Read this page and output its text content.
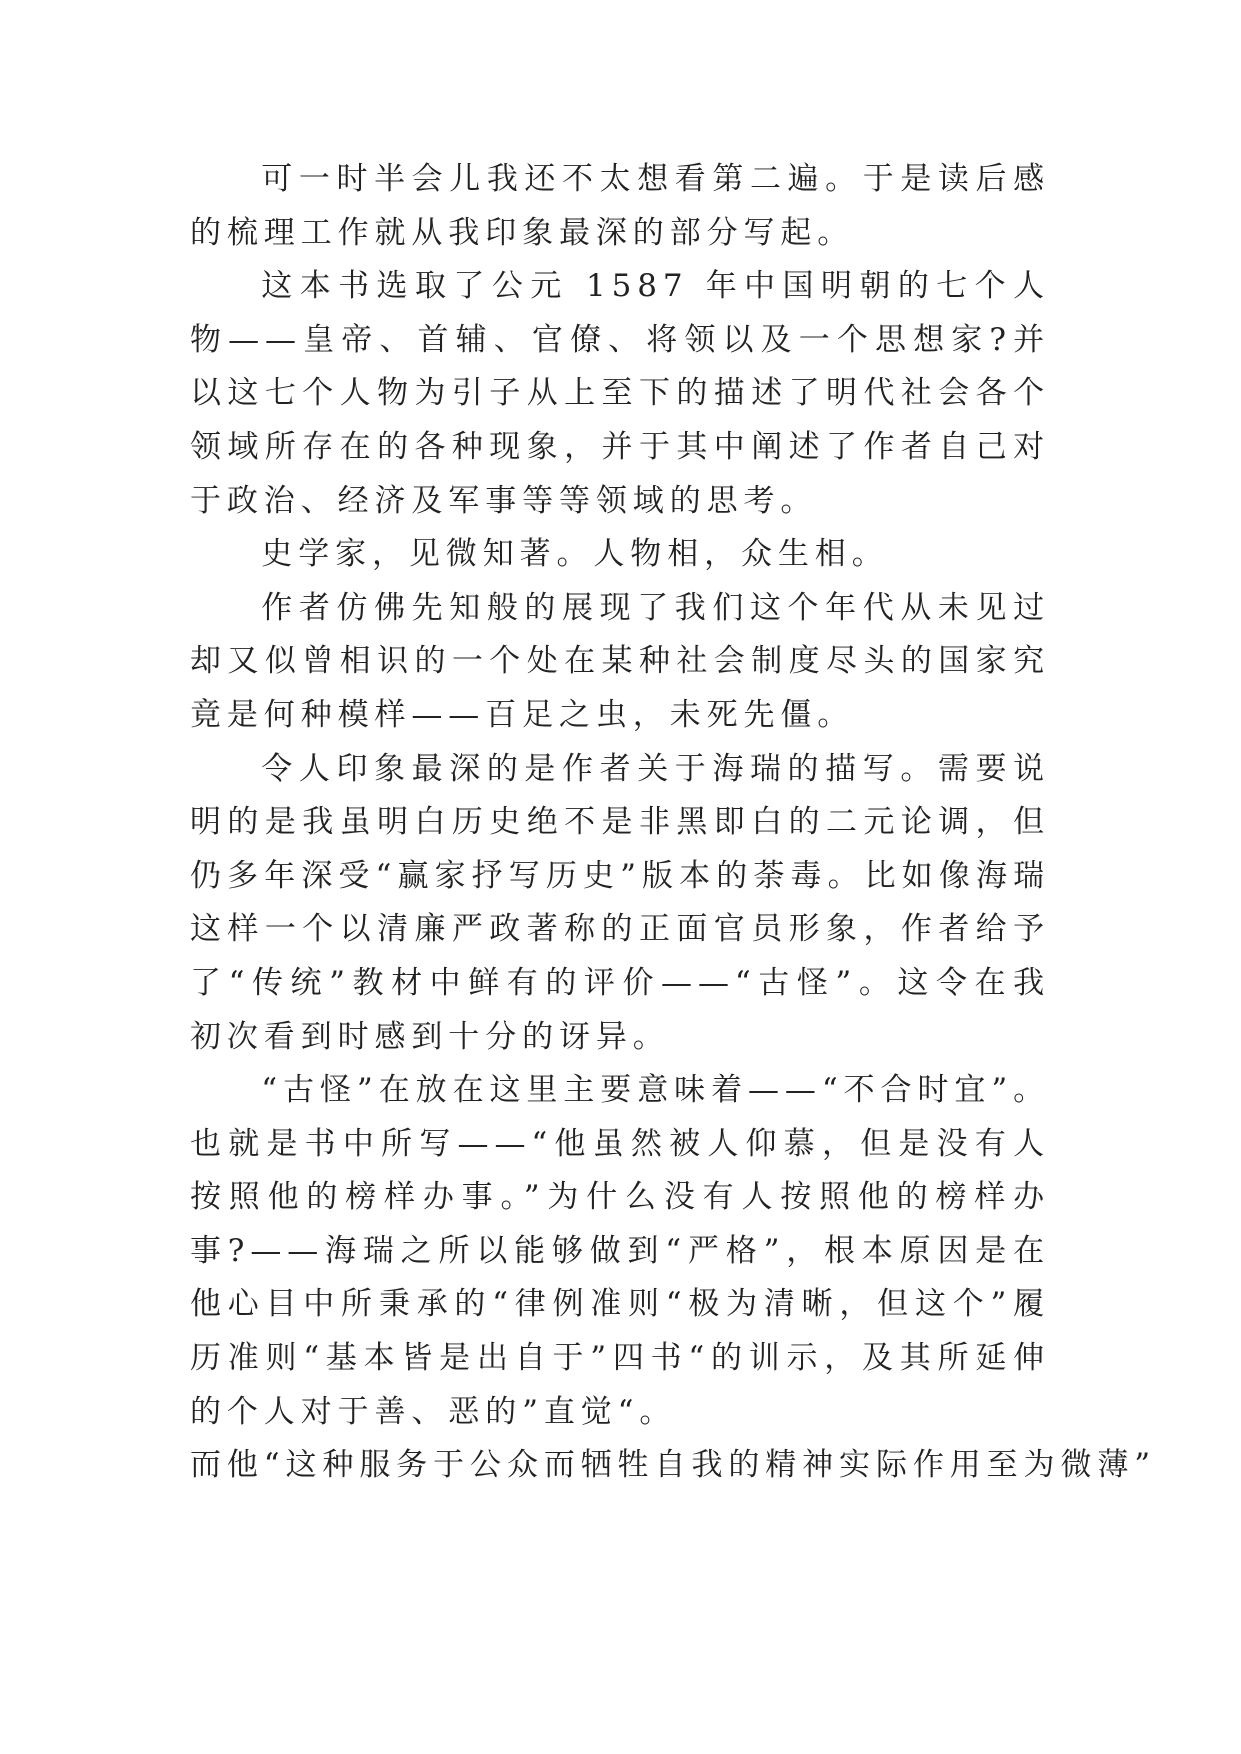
可一时半会儿我还不太想看第二遍。于是读后感的梳理工作就从我印象最深的部分写起。

这本书选取了公元 1587 年中国明朝的七个人物——皇帝、首辅、官僚、将领以及一个思想家?并以这七个人物为引子从上至下的描述了明代社会各个领域所存在的各种现象，并于其中阐述了作者自己对于政治、经济及军事等等领域的思考。

史学家，见微知著。人物相，众生相。

作者仿佛先知般的展现了我们这个年代从未见过却又似曾相识的一个处在某种社会制度尽头的国家究竟是何种模样——百足之虫，未死先僵。

令人印象最深的是作者关于海瑞的描写。需要说明的是我虽明白历史绝不是非黑即白的二元论调，但仍多年深受“赢家抒写历史”版本的荼毒。比如像海瑞这样一个以清廉严政著称的正面官员形象，作者给予了“传统”教材中鲜有的评价——“古怪”。这令在我初次看到时感到十分的讶异。

“古怪”在放在这里主要意味着——“不合时宜”。也就是书中所写——“他虽然被人仰慕，但是没有人按照他的榜样办事。”为什么没有人按照他的榜样办事?——海瑞之所以能够做到“严格”，根本原因是在他心目中所秉承的“律例准则“极为清晰，但这个”履历准则“基本皆是出自于”四书“的训示，及其所延伸的个人对于善、恶的”直觉“。

而他“这种服务于公众而牺牲自我的精神实际作用至为微薄”
